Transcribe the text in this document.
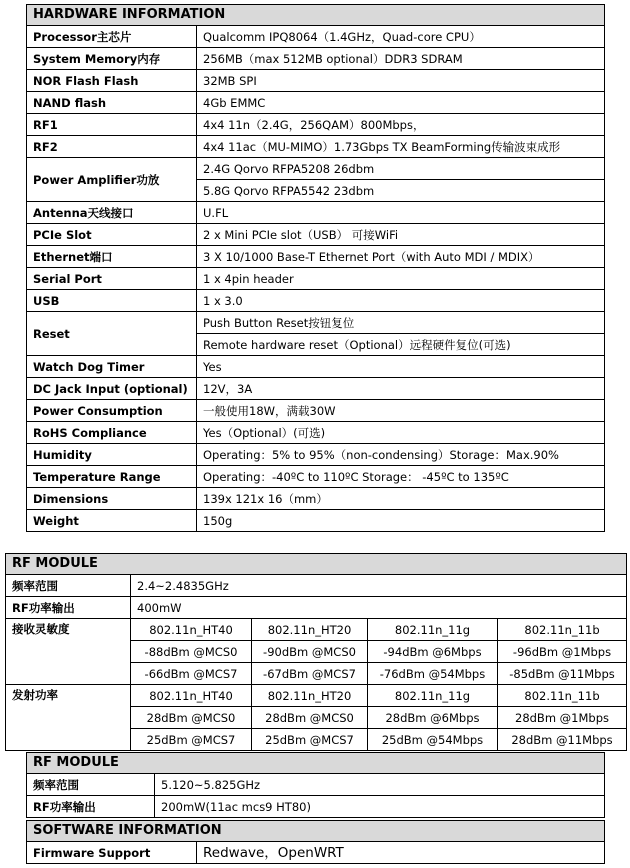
HARDWARE INFORMATION	
Processor主芯片	Qualcomm IPQ8064（1.4GHz，Quad-core CPU）
System Memory内存	256MB（max 512MB optional）DDR3 SDRAM
NOR Flash Flash	32MB SPI
NAND flash	4Gb EMMC
RF1	4x4 11n（2.4G，256QAM）800Mbps，
RF2	4x4 11ac（MU-MIMO）1.73Gbps TX BeamForming传输波束成形
Power Amplifier功放	2.4G Qorvo RFPA5208 26dbm
	5.8G Qorvo RFPA5542 23dbm
Antenna天线接口	U.FL
PCIe Slot	2 x Mini PCIe slot（USB） 可接WiFi
Ethernet端口	3 X 10/1000 Base-T Ethernet Port（with Auto MDI / MDIX）
Serial Port	1 x 4pin header
USB	1 x 3.0
Reset	Push Button Reset按钮复位
	Remote hardware reset（Optional）远程硬件复位(可选)
Watch Dog Timer	Yes
DC Jack Input (optional)	12V，3A
Power Consumption	一般使用18W，满载30W
RoHS Compliance	Yes（Optional）(可选)
Humidity	Operating：5% to 95%（non-condensing）Storage：Max.90%
Temperature Range	Operating：-40ºC to 110ºC Storage： -45ºC to 135ºC
Dimensions	139x 121x 16（mm）
Weight	150g
RF MODULE				
频率范围	2.4~2.4835GHz			
RF功率输出	400mW			
接收灵敏度	802.11n_HT40	802.11n_HT20	802.11n_11g	802.11n_11b
	-88dBm @MCS0	-90dBm @MCS0	-94dBm @6Mbps	-96dBm @1Mbps
	-66dBm @MCS7	-67dBm @MCS7	-76dBm @54Mbps	-85dBm @11Mbps
发射功率	802.11n_HT40	802.11n_HT20	802.11n_11g	802.11n_11b
	28dBm @MCS0	28dBm @MCS0	28dBm @6Mbps	28dBm @1Mbps
	25dBm @MCS7	25dBm @MCS7	25dBm @54Mbps	28dBm @11Mbps
RF MODULE	
频率范围	5.120~5.825GHz
RF功率输出	200mW(11ac mcs9 HT80)
SOFTWARE INFORMATION
Firmware Support	Redwave，OpenWRT
